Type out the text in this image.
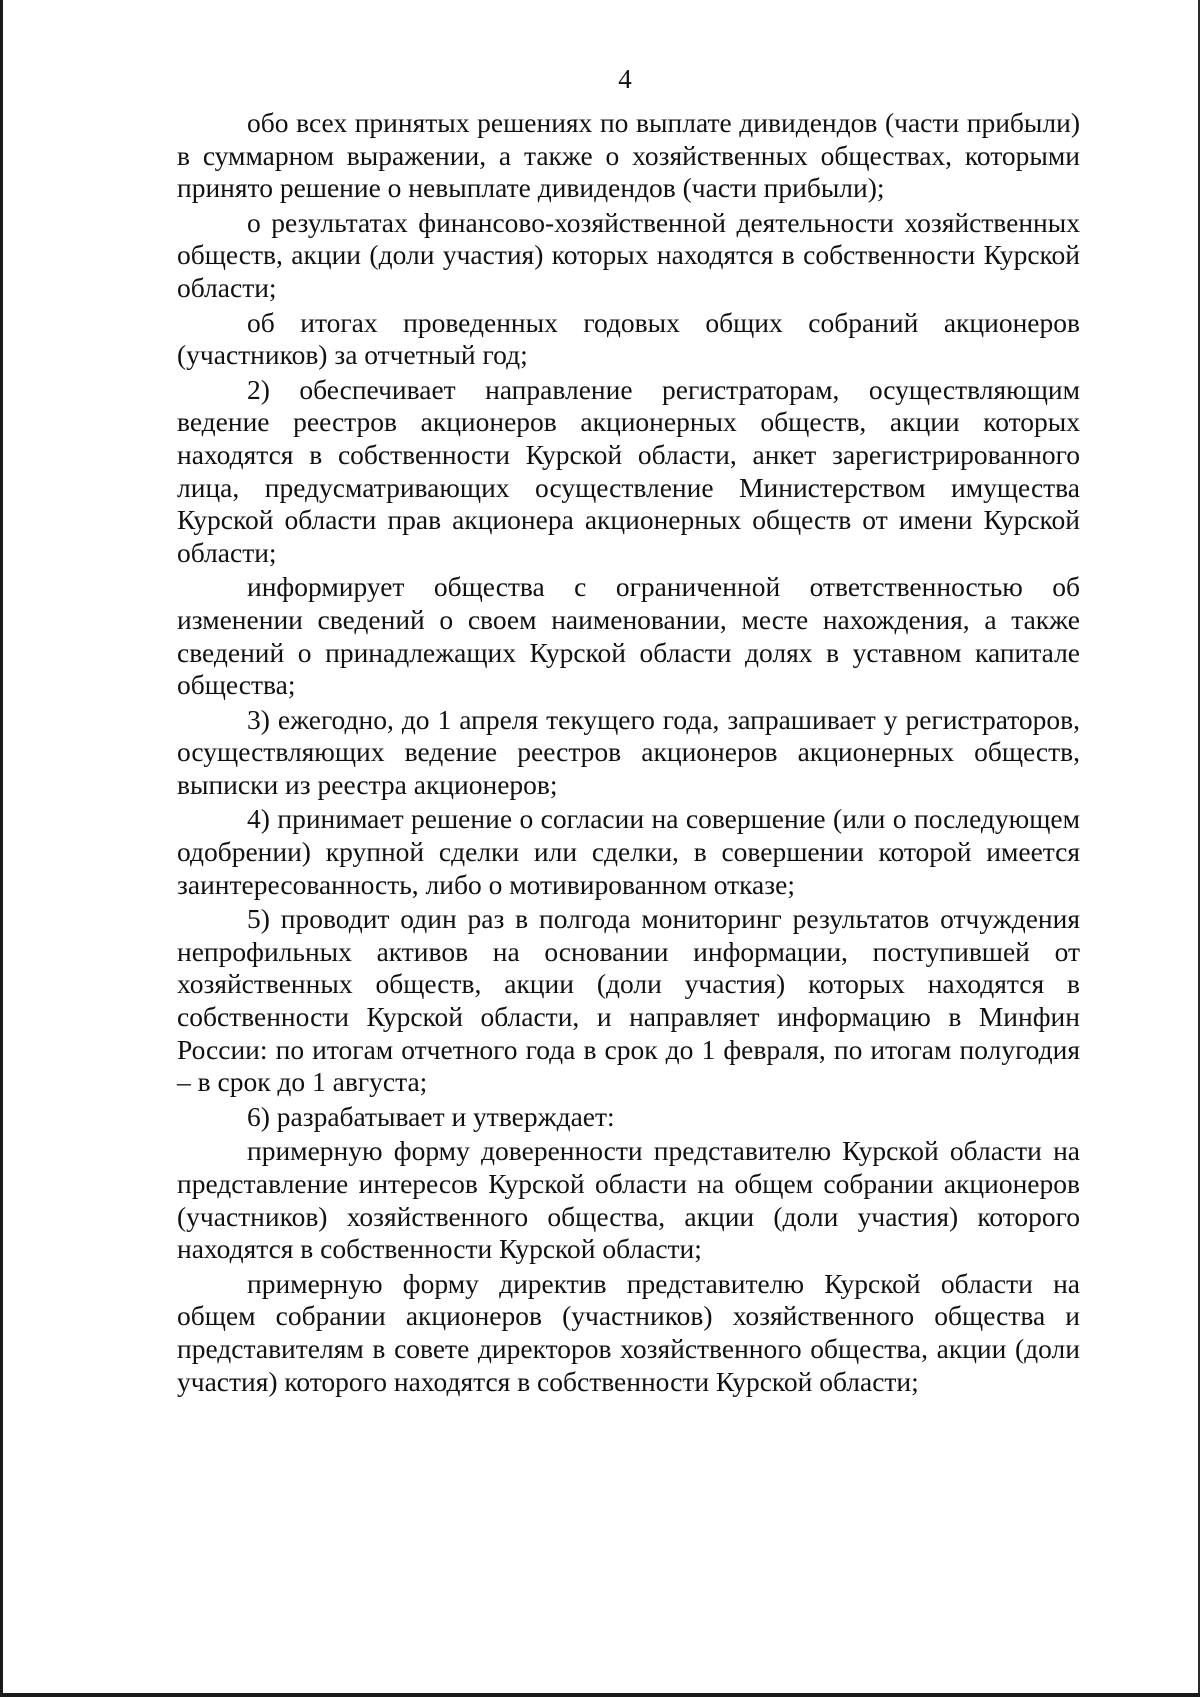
4

обо всех принятых решениях по выплате дивидендов (части прибыли) в суммарном выражении, а также о хозяйственных обществах, которыми принято решение о невыплате дивидендов (части прибыли);

о результатах финансово-хозяйственной деятельности хозяйственных обществ, акции (доли участия) которых находятся в собственности Курской области;

об итогах проведенных годовых общих собраний акционеров (участников) за отчетный год;

2) обеспечивает направление регистраторам, осуществляющим ведение реестров акционеров акционерных обществ, акции которых находятся в собственности Курской области, анкет зарегистрированного лица, предусматривающих осуществление Министерством имущества Курской области прав акционера акционерных обществ от имени Курской области;

информирует общества с ограниченной ответственностью об изменении сведений о своем наименовании, месте нахождения, а также сведений о принадлежащих Курской области долях в уставном капитале общества;

3) ежегодно, до 1 апреля текущего года, запрашивает у регистраторов, осуществляющих ведение реестров акционеров акционерных обществ, выписки из реестра акционеров;

4) принимает решение о согласии на совершение (или о последующем одобрении) крупной сделки или сделки, в совершении которой имеется заинтересованность, либо о мотивированном отказе;

5) проводит один раз в полгода мониторинг результатов отчуждения непрофильных активов на основании информации, поступившей от хозяйственных обществ, акции (доли участия) которых находятся в собственности Курской области, и направляет информацию в Минфин России: по итогам отчетного года в срок до 1 февраля, по итогам полугодия – в срок до 1 августа;

6) разрабатывает и утверждает:

примерную форму доверенности представителю Курской области на представление интересов Курской области на общем собрании акционеров (участников) хозяйственного общества, акции (доли участия) которого находятся в собственности Курской области;

примерную форму директив представителю Курской области на общем собрании акционеров (участников) хозяйственного общества и представителям в совете директоров хозяйственного общества, акции (доли участия) которого находятся в собственности Курской области;
